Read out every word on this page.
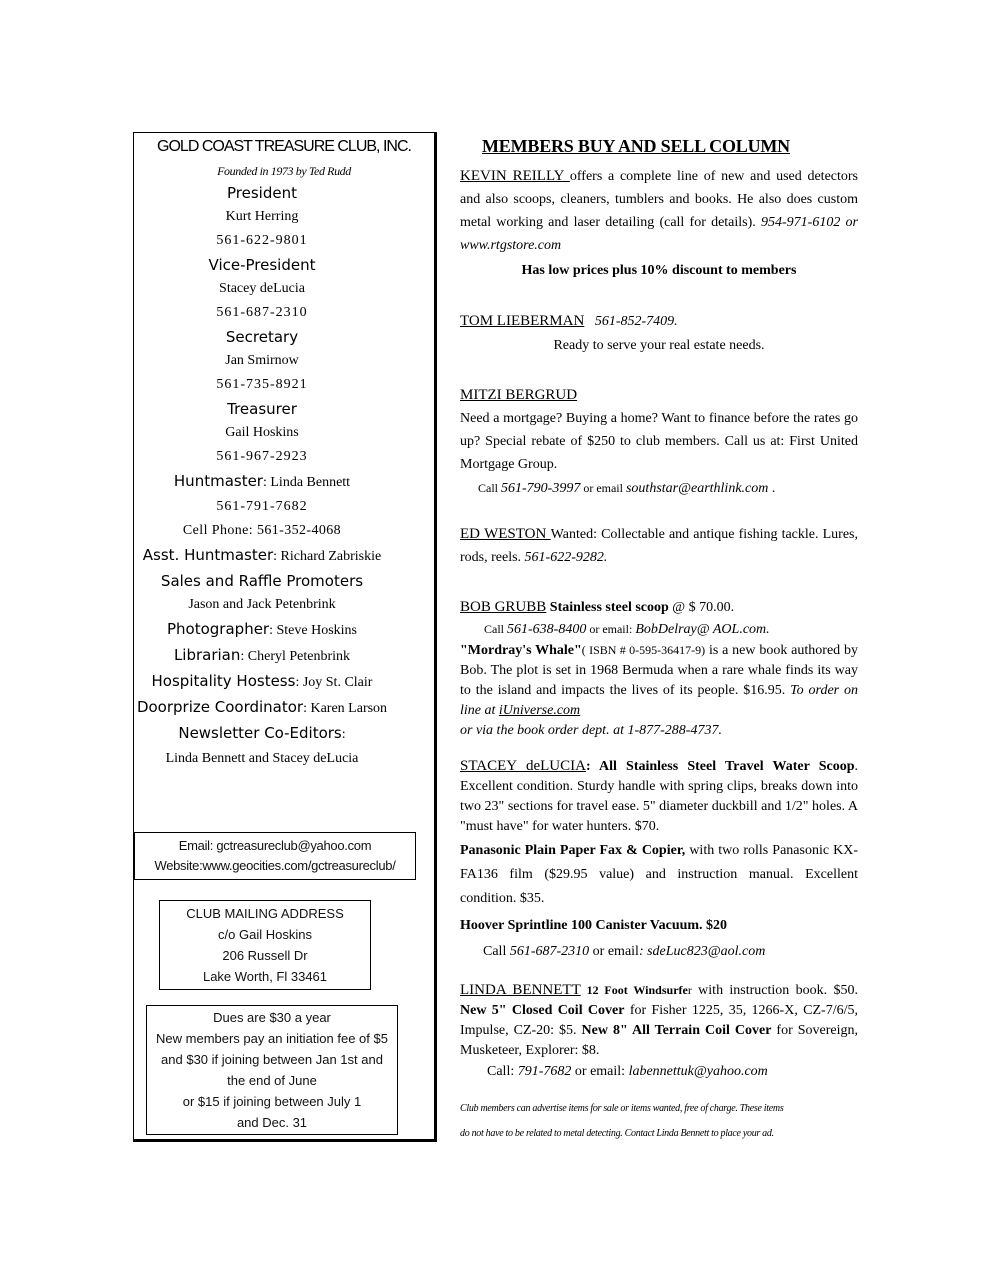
GOLD COAST TREASURE CLUB, INC.
Founded in 1973 by Ted Rudd
President
Kurt Herring
561-622-9801
Vice-President
Stacey deLucia
561-687-2310
Secretary
Jan Smirnow
561-735-8921
Treasurer
Gail Hoskins
561-967-2923
Huntmaster: Linda Bennett
561-791-7682
Cell Phone: 561-352-4068
Asst. Huntmaster: Richard Zabriskie
Sales and Raffle Promoters
Jason and Jack Petenbrink
Photographer: Steve Hoskins
Librarian: Cheryl Petenbrink
Hospitality Hostess: Joy St. Clair
Doorprize Coordinator: Karen Larson
Newsletter Co-Editors:
Linda Bennett and Stacey deLucia
Email: gctreasureclub@yahoo.com
Website:www.geocities.com/gctreasureclub/
CLUB MAILING ADDRESS
c/o Gail Hoskins
206 Russell Dr
Lake Worth, Fl 33461
Dues are $30 a year
New members pay an initiation fee of $5
and $30 if joining between Jan 1st and
the end of June
or $15 if joining between July 1
and Dec. 31
MEMBERS BUY AND SELL COLUMN
KEVIN REILLY offers a complete line of new and used detectors and also scoops, cleaners, tumblers and books. He also does custom metal working and laser detailing (call for details). 954-971-6102 or www.rtgstore.com
Has low prices plus 10% discount to members
TOM LIEBERMAN 561-852-7409.
Ready to serve your real estate needs.
MITZI BERGRUD
Need a mortgage? Buying a home? Want to finance before the rates go up? Special rebate of $250 to club members. Call us at: First United Mortgage Group.
Call 561-790-3997 or email southstar@earthlink.com .
ED WESTON Wanted: Collectable and antique fishing tackle. Lures, rods, reels. 561-622-9282.
BOB GRUBB Stainless steel scoop @ $ 70.00.
Call 561-638-8400 or email: BobDelray@ AOL.com.
"Mordray's Whale"( ISBN # 0-595-36417-9) is a new book authored by Bob. The plot is set in 1968 Bermuda when a rare whale finds its way to the island and impacts the lives of its people. $16.95. To order on line at iUniverse.com
or via the book order dept. at 1-877-288-4737.
STACEY deLUCIA: All Stainless Steel Travel Water Scoop. Excellent condition. Sturdy handle with spring clips, breaks down into two 23" sections for travel ease. 5" diameter duckbill and 1/2" holes. A "must have" for water hunters. $70.
Panasonic Plain Paper Fax & Copier, with two rolls Panasonic KX-FA136 film ($29.95 value) and instruction manual. Excellent condition. $35.
Hoover Sprintline 100 Canister Vacuum. $20
Call 561-687-2310 or email: sdeLuc823@aol.com
LINDA BENNETT 12 Foot Windsurfer with instruction book. $50. New 5" Closed Coil Cover for Fisher 1225, 35, 1266-X, CZ-7/6/5, Impulse, CZ-20: $5. New 8" All Terrain Coil Cover for Sovereign, Musketeer, Explorer: $8.
Call: 791-7682 or email: labennettuk@yahoo.com
Club members can advertise items for sale or items wanted, free of charge. These items
do not have to be related to metal detecting. Contact Linda Bennett to place your ad.
